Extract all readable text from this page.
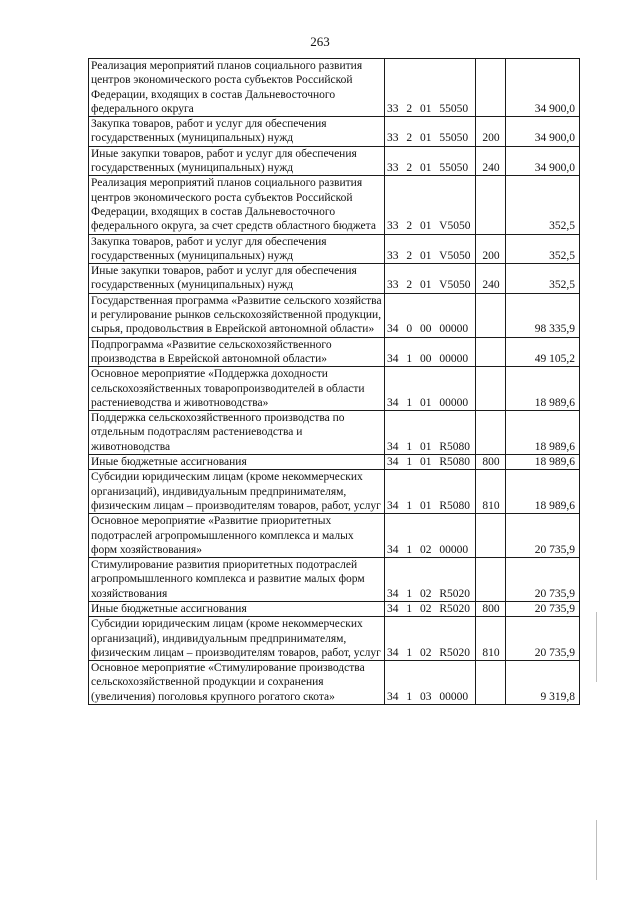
263
Реализация мероприятий планов социального развития центров экономического роста субъектов Российской Федерации, входящих в состав Дальневосточного федерального округа	33 2 01 55050		34 900,0
Закупка товаров, работ и услуг для обеспечения государственных (муниципальных) нужд	33 2 01 55050	200	34 900,0
Иные закупки товаров, работ и услуг для обеспечения государственных (муниципальных) нужд	33 2 01 55050	240	34 900,0
Реализация мероприятий планов социального развития центров экономического роста субъектов Российской Федерации, входящих в состав Дальневосточного федерального округа, за счет средств областного бюджета	33 2 01 V5050		352,5
Закупка товаров, работ и услуг для обеспечения государственных (муниципальных) нужд	33 2 01 V5050	200	352,5
Иные закупки товаров, работ и услуг для обеспечения государственных (муниципальных) нужд	33 2 01 V5050	240	352,5
Государственная программа «Развитие сельского хозяйства и регулирование рынков сельскохозяйственной продукции, сырья, продовольствия в Еврейской автономной области»	34 0 00 00000		98 335,9
Подпрограмма «Развитие сельскохозяйственного производства в Еврейской автономной области»	34 1 00 00000		49 105,2
Основное мероприятие «Поддержка доходности сельскохозяйственных товаропроизводителей в области растениеводства и животноводства»	34 1 01 00000		18 989,6
Поддержка сельскохозяйственного производства по отдельным подотраслям растениеводства и животноводства	34 1 01 R5080		18 989,6
Иные бюджетные ассигнования	34 1 01 R5080	800	18 989,6
Субсидии юридическим лицам (кроме некоммерческих организаций), индивидуальным предпринимателям, физическим лицам – производителям товаров, работ, услуг	34 1 01 R5080	810	18 989,6
Основное мероприятие «Развитие приоритетных подотраслей агропромышленного комплекса и малых форм хозяйствования»	34 1 02 00000		20 735,9
Стимулирование развития приоритетных подотраслей агропромышленного комплекса и развитие малых форм хозяйствования	34 1 02 R5020		20 735,9
Иные бюджетные ассигнования	34 1 02 R5020	800	20 735,9
Субсидии юридическим лицам (кроме некоммерческих организаций), индивидуальным предпринимателям, физическим лицам – производителям товаров, работ, услуг	34 1 02 R5020	810	20 735,9
Основное мероприятие «Стимулирование производства сельскохозяйственной продукции и сохранения (увеличения) поголовья крупного рогатого скота»	34 1 03 00000		9 319,8
